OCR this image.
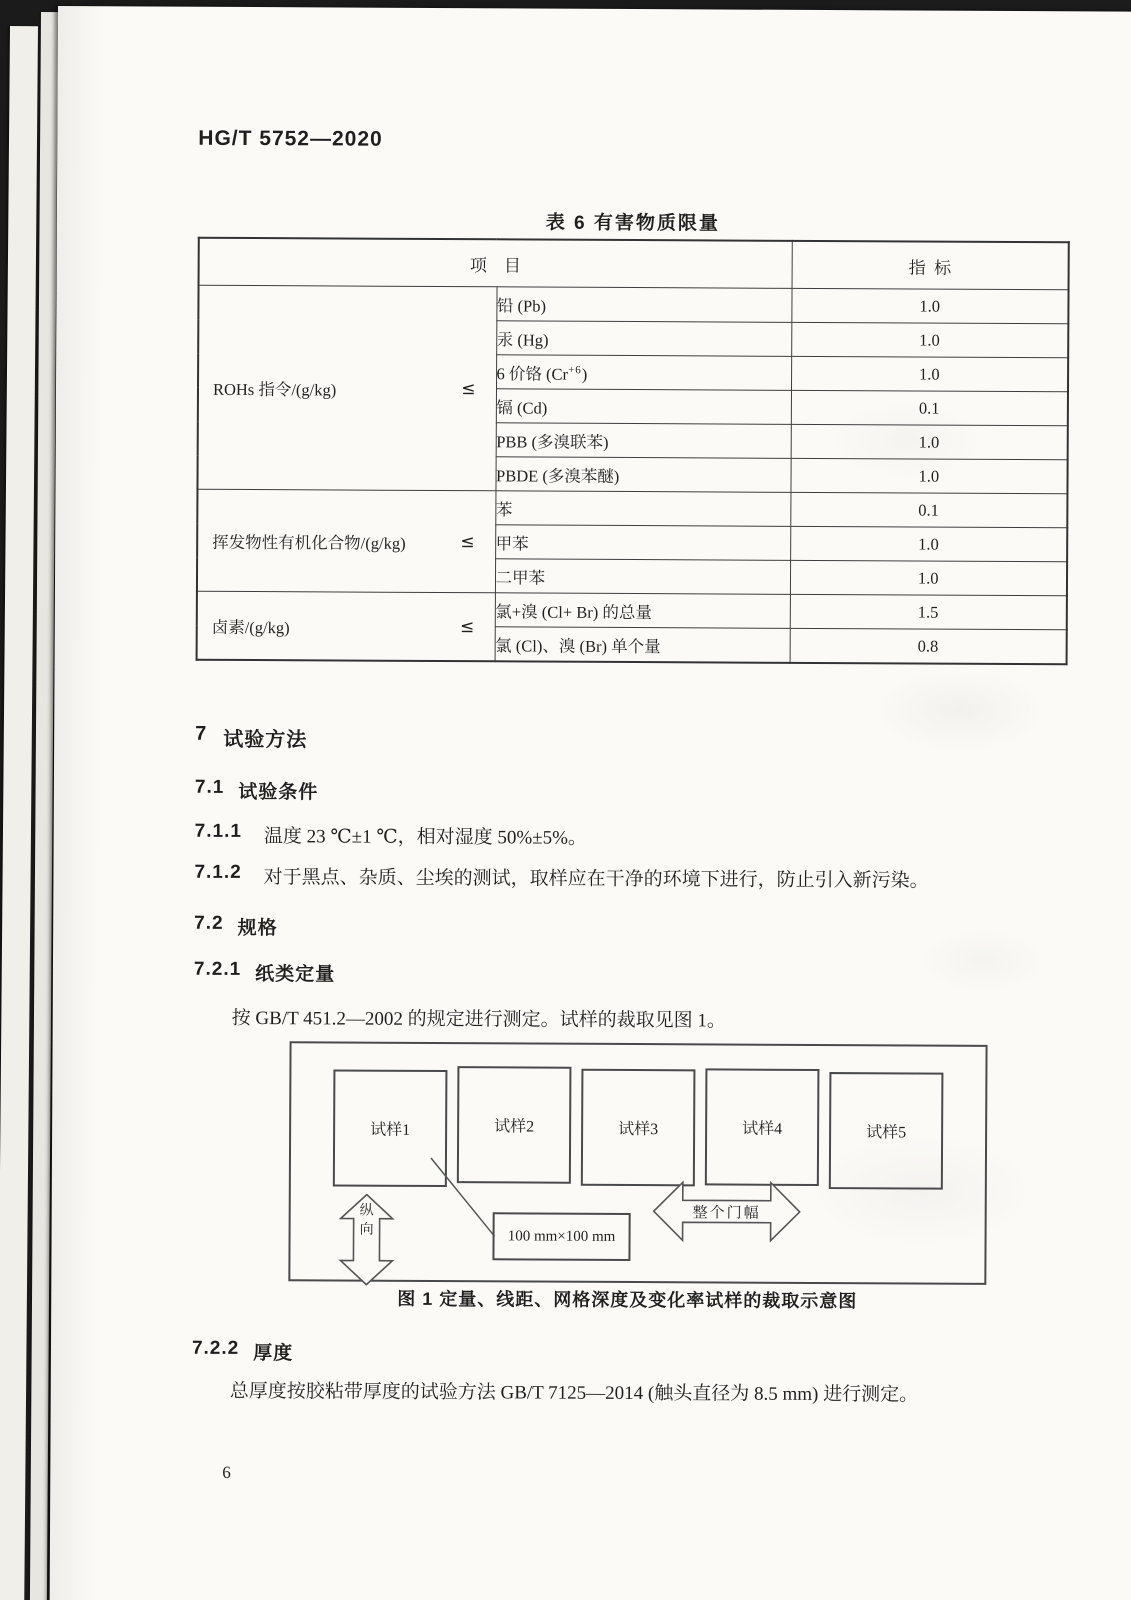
HG/T 5752—2020
表 6 有害物质限量
项    目		指  标

ROHs 指令/(g/kg) ≤	铅 (Pb)	1.0
	汞 (Hg)	1.0
	6 价铬 $(Cr^{+6})$	1.0
	镉 (Cd)	0.1
	PBB (多溴联苯)	1.0
	PBDE (多溴苯醚)	1.0

挥发物性有机化合物/(g/kg) ≤	苯	0.1
	甲苯	1.0
	二甲苯	1.0

卤素/(g/kg) ≤	氯+溴 (Cl+ Br) 的总量	1.5
	氯 (Cl)、溴 (Br) 单个量	0.8
7 试验方法
7.1 试验条件
7.1.1 温度 23 ℃±1 ℃，相对湿度 50%±5%。
7.1.2 对于黑点、杂质、尘埃的测试，取样应在干净的环境下进行，防止引入新污染。
7.2 规格
7.2.1 纸类定量
按 GB/T 451.2—2002 的规定进行测定。试样的裁取见图 1。
试样1	试样2	试样3	试样4	试样5
纵
向	100 mm×100 mm
整个门幅
图 1 定量、线距、网格深度及变化率试样的裁取示意图
7.2.2 厚度
总厚度按胶粘带厚度的试验方法 GB/T 7125—2014 (触头直径为 8.5 mm) 进行测定。
6
